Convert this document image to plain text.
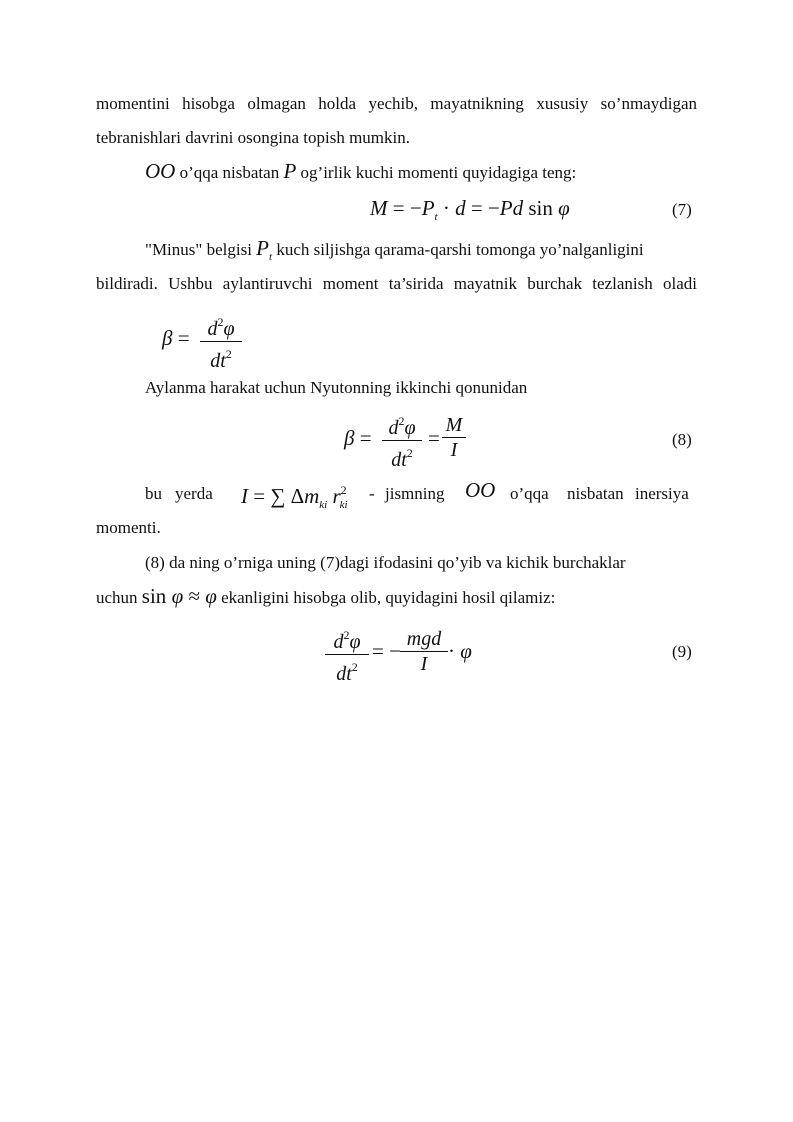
momentini hisobga olmagan holda yechib, mayatnikning xususiy so’nmaydigan
tebranishlari davrini osongina topish mumkin.
OO o’qqa nisbatan P og’irlik kuchi momenti quyidagiga teng:
$M = -P_t \cdot d = -Pd$ sin φ	(7)
"Minus" belgisi $P_t$ kuch siljishga qarama-qarshi tomonga yo’nalganligini
bildiradi. Ushbu aylantiruvchi moment ta’sirida mayatnik burchak tezlanish oladi
$\beta = d^2\varphi$
$dt^2$
Aylanma harakat uchun Nyutonning ikkinchi qonunidan
$\beta = d^2\varphi$
$dt^2$
=
M
I	(8)
bu yerda I = ∑ $\Delta m_{ki}$ $r^2_{ki}$
- jismning OO o’qqa nisbatan inersiya
momenti.
(8) da ning o’rniga uning (7)dagi ifodasini qo’yib va kichik burchaklar
uchun sin φ ≈ φ ekanligini hisobga olib, quyidagini hosil qilamiz:
$d^2\varphi$
$dt^2$
= − mgd
I
· φ	(9)
